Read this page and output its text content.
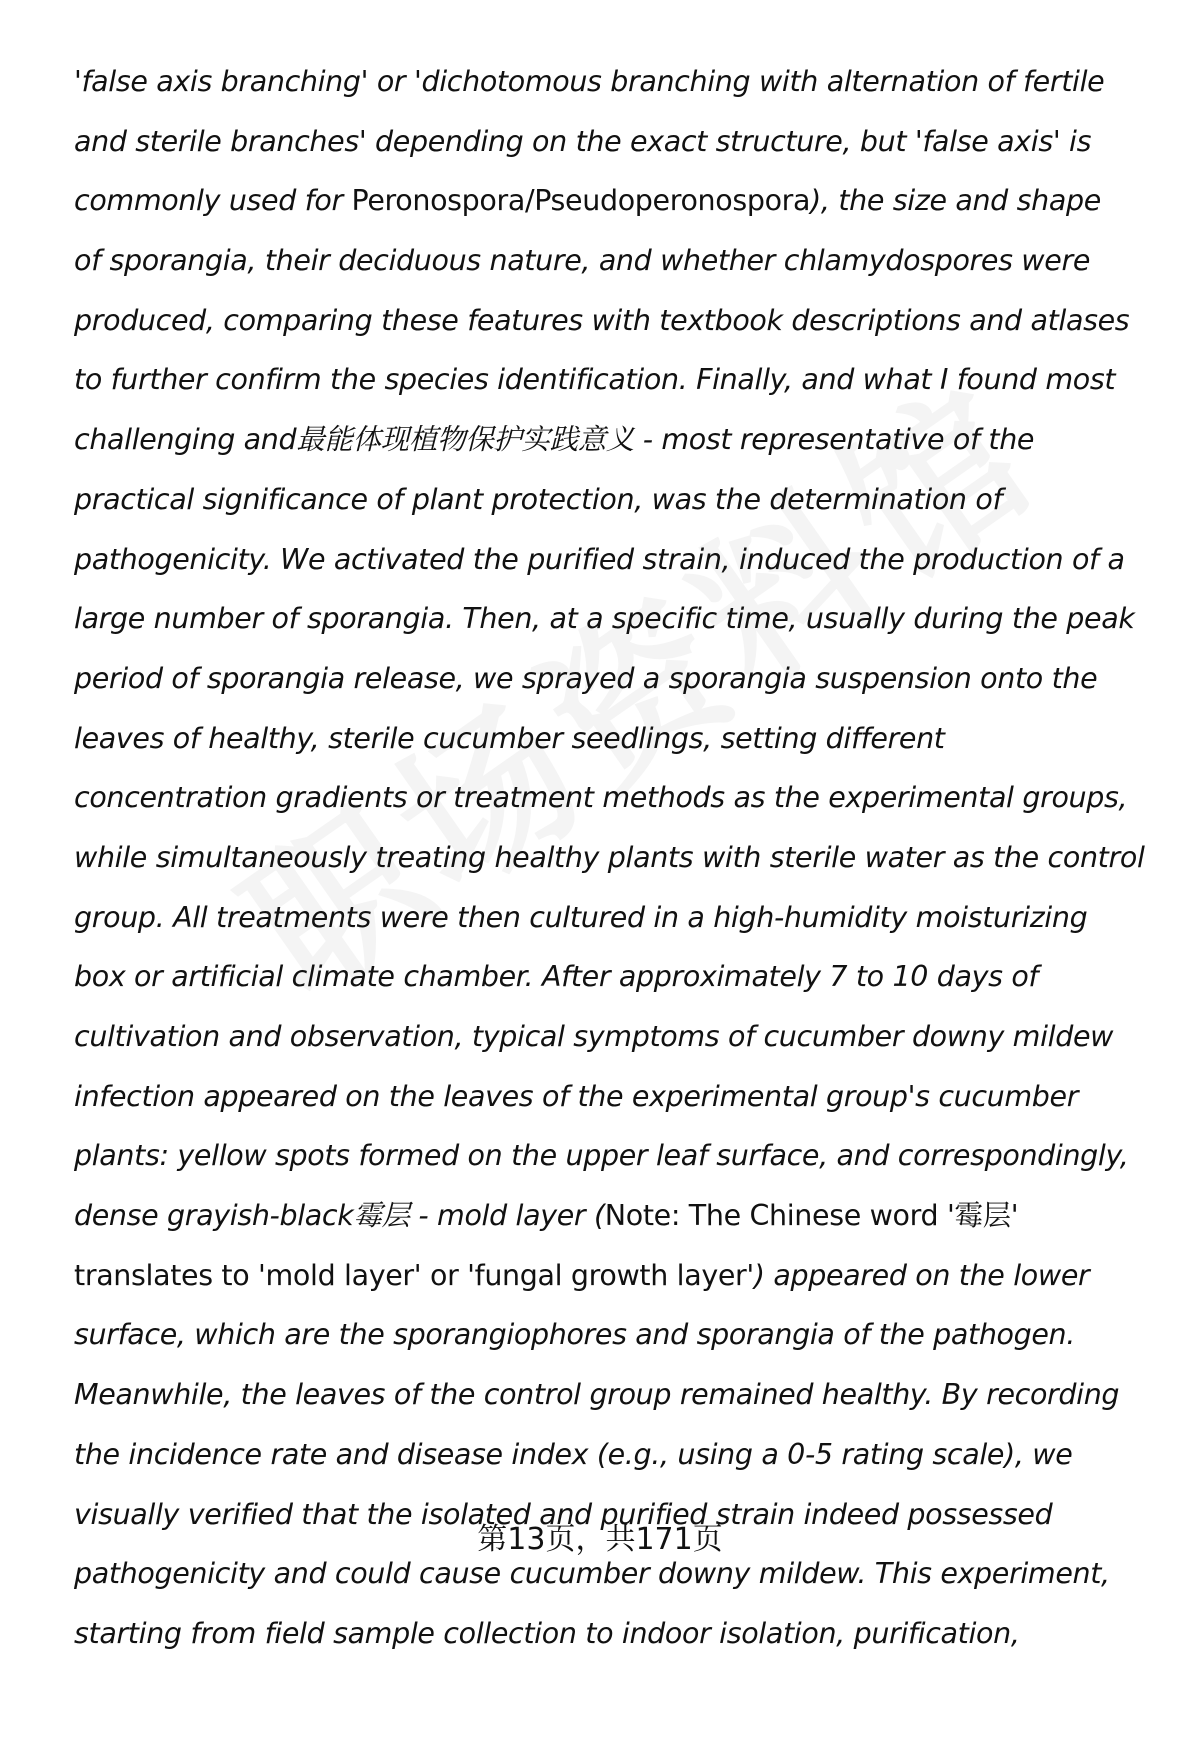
'false axis branching' or 'dichotomous branching with alternation of fertile
and sterile branches' depending on the exact structure, but 'false axis' is
commonly used for Peronospora/Pseudoperonospora), the size and shape
of sporangia, their deciduous nature, and whether chlamydospores were
produced, comparing these features with textbook descriptions and atlases
to further confirm the species identification. Finally, and what I found most
challenging and最能体现植物保护实践意义 - most representative of the
practical significance of plant protection, was the determination of
pathogenicity. We activated the purified strain, induced the production of a
large number of sporangia. Then, at a specific time, usually during the peak
period of sporangia release, we sprayed a sporangia suspension onto the
leaves of healthy, sterile cucumber seedlings, setting different
concentration gradients or treatment methods as the experimental groups,
while simultaneously treating healthy plants with sterile water as the control
group. All treatments were then cultured in a high-humidity moisturizing
box or artificial climate chamber. After approximately 7 to 10 days of
cultivation and observation, typical symptoms of cucumber downy mildew
infection appeared on the leaves of the experimental group's cucumber
plants: yellow spots formed on the upper leaf surface, and correspondingly,
dense grayish-black霉层 - mold layer (Note: The Chinese word '霉层'
translates to 'mold layer' or 'fungal growth layer') appeared on the lower
surface, which are the sporangiophores and sporangia of the pathogen.
Meanwhile, the leaves of the control group remained healthy. By recording
the incidence rate and disease index (e.g., using a 0-5 rating scale), we
visually verified that the isolated and purified strain indeed possessed
pathogenicity and could cause cucumber downy mildew. This experiment,
starting from field sample collection to indoor isolation, purification,
第13页，共171页
